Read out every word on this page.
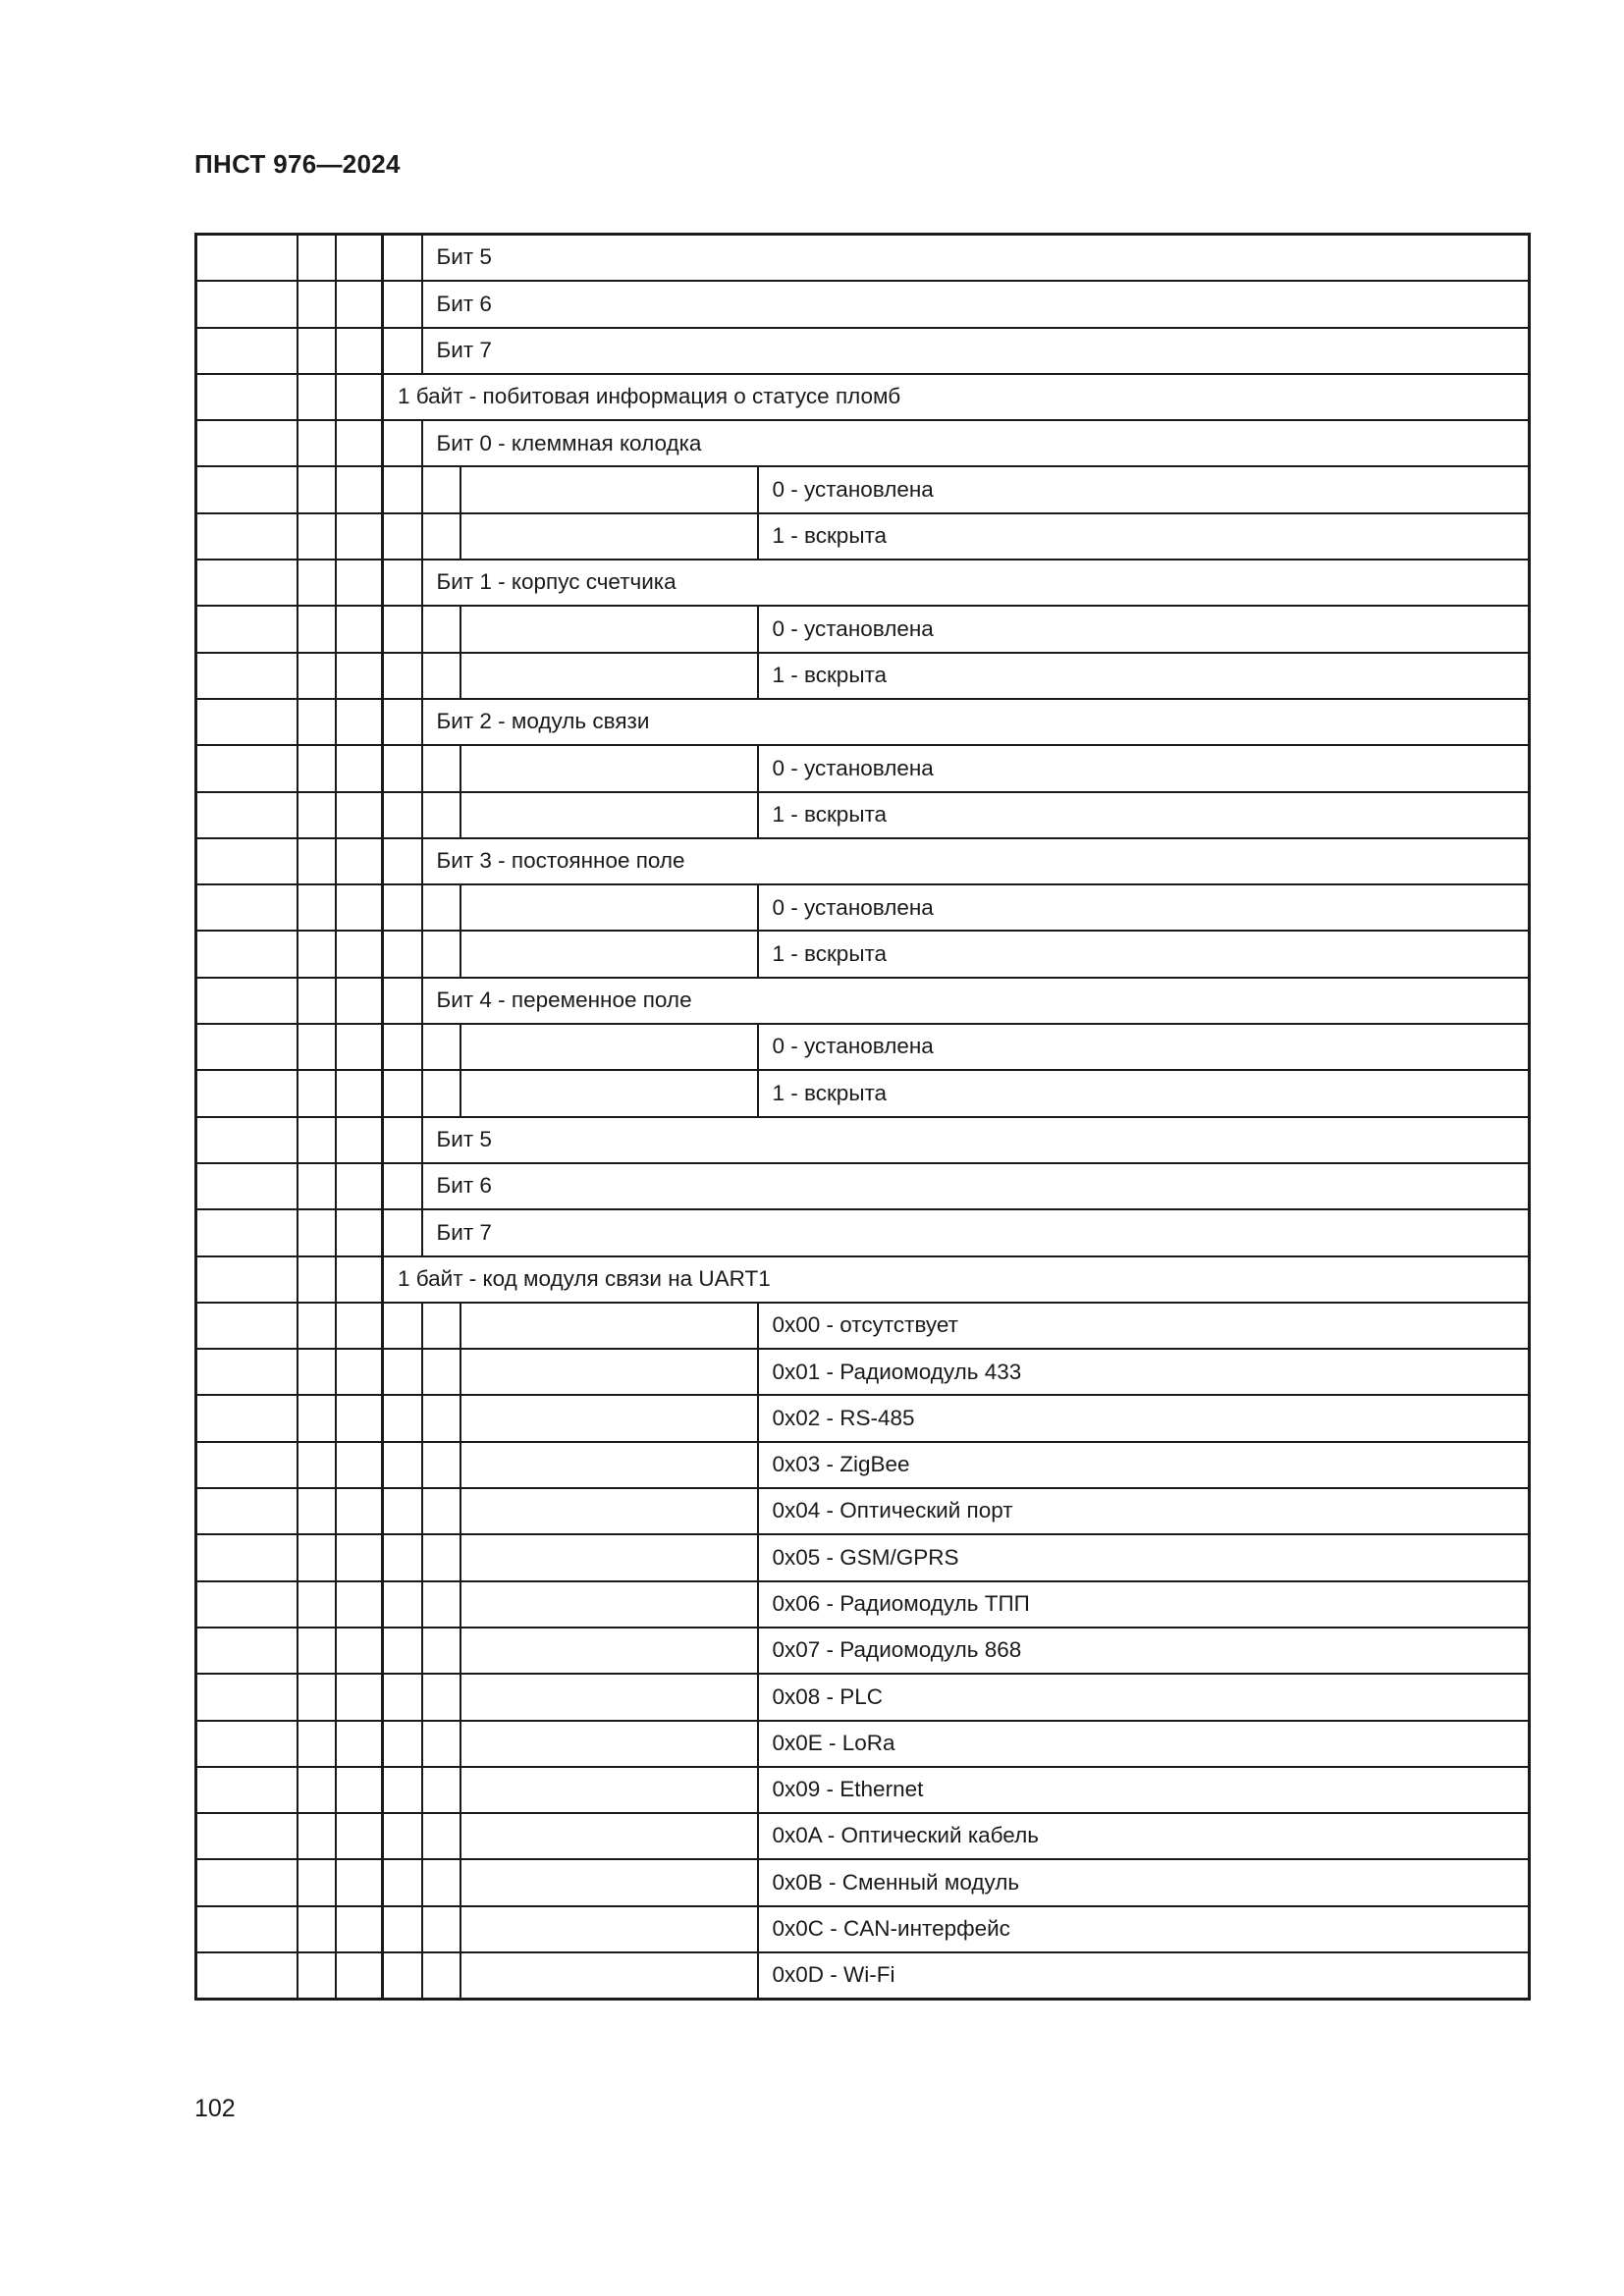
ПНСТ 976—2024
				Бит 5		
				Бит 6		
				Бит 7		
			1 байт - побитовая информация о статусе пломб			
				Бит 0 - клеммная колодка		
						0 - установлена
						1 - вскрыта
				Бит 1 - корпус счетчика		
						0 - установлена
						1 - вскрыта
				Бит 2 - модуль связи		
						0 - установлена
						1 - вскрыта
				Бит 3 - постоянное поле		
						0 - установлена
						1 - вскрыта
				Бит 4 - переменное поле		
						0 - установлена
						1 - вскрыта
				Бит 5		
				Бит 6		
				Бит 7		
			1 байт - код модуля связи на UART1			
						0x00 - отсутствует
						0x01 - Радиомодуль 433
						0x02 - RS-485
						0x03 - ZigBee
						0x04 - Оптический порт
						0x05 - GSM/GPRS
						0x06 - Радиомодуль ТПП
						0x07 - Радиомодуль 868
						0x08 - PLC
						0x0E - LoRa
						0x09 - Ethernet
						0x0A - Оптический кабель
						0x0B - Сменный модуль
						0x0C - CAN-интерфейс
						0x0D - Wi-Fi
102
